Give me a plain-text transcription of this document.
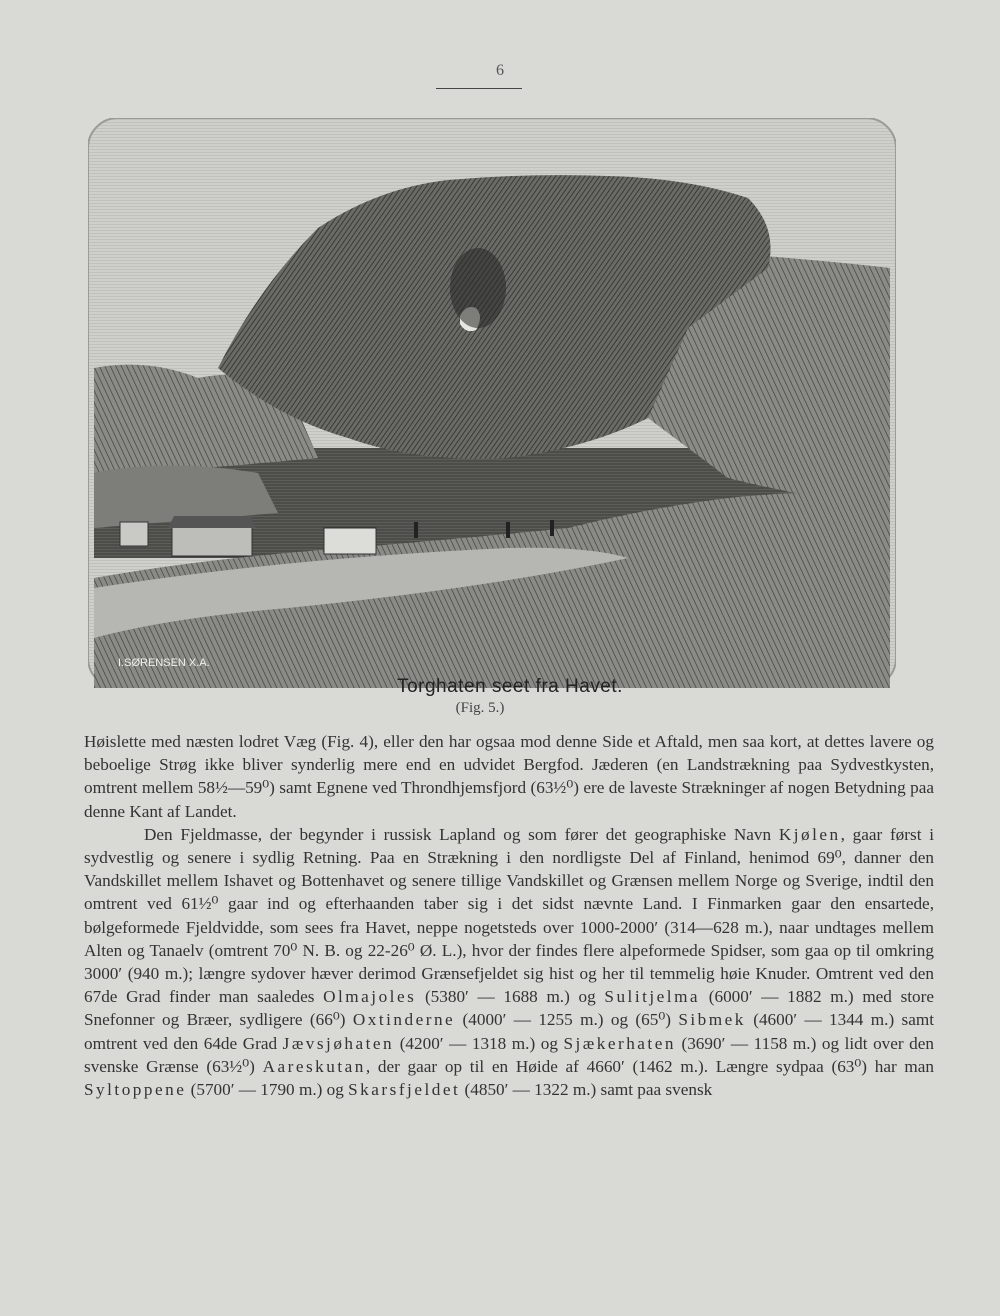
6
I.SØRENSEN X.A.
Torghaten seet fra Havet.
(Fig. 5.)

Høislette med næsten lodret Væg (Fig. 4), eller den har ogsaa mod denne Side et Aftald, men saa kort, at dettes lavere og beboelige Strøg ikke bliver synderlig mere end en udvidet Bergfod. Jæderen (en Landstrækning paa Sydvestkysten, omtrent mellem 58½—59⁰) samt Egnene ved Throndhjemsfjord (63½⁰) ere de laveste Strækninger af nogen Betydning paa denne Kant af Landet.

Den Fjeldmasse, der begynder i russisk Lapland og som fører det geographiske Navn Kjølen, gaar først i sydvestlig og senere i sydlig Retning. Paa en Strækning i den nordligste Del af Finland, henimod 69⁰, danner den Vandskillet mellem Ishavet og Bottenhavet og senere tillige Vandskillet og Grænsen mellem Norge og Sverige, indtil den omtrent ved 61½⁰ gaar ind og efterhaanden taber sig i det sidst nævnte Land. I Finmarken gaar den ensartede, bølgeformede Fjeldvidde, som sees fra Havet, neppe nogetsteds over 1000‑2000′ (314—628 m.), naar undtages mellem Alten og Tanaelv (omtrent 70⁰ N. B. og 22‑26⁰ Ø. L.), hvor der findes flere alpeformede Spidser, som gaa op til omkring 3000′ (940 m.); længre sydover hæver derimod Grænsefjeldet sig hist og her til temmelig høie Knuder. Omtrent ved den 67de Grad finder man saaledes Olmajoles (5380′ — 1688 m.) og Sulitjelma (6000′ — 1882 m.) med store Snefonner og Bræer, sydligere (66⁰) Oxtinderne (4000′ — 1255 m.) og (65⁰) Sibmek (4600′ — 1344 m.) samt omtrent ved den 64de Grad Jævsjøhaten (4200′ — 1318 m.) og Sjækerhaten (3690′ — 1158 m.) og lidt over den svenske Grænse (63½⁰) Aareskutan, der gaar op til en Høide af 4660′ (1462 m.). Længre sydpaa (63⁰) har man Syltoppene (5700′ — 1790 m.) og Skarsfjeldet (4850′ — 1322 m.) samt paa svensk
